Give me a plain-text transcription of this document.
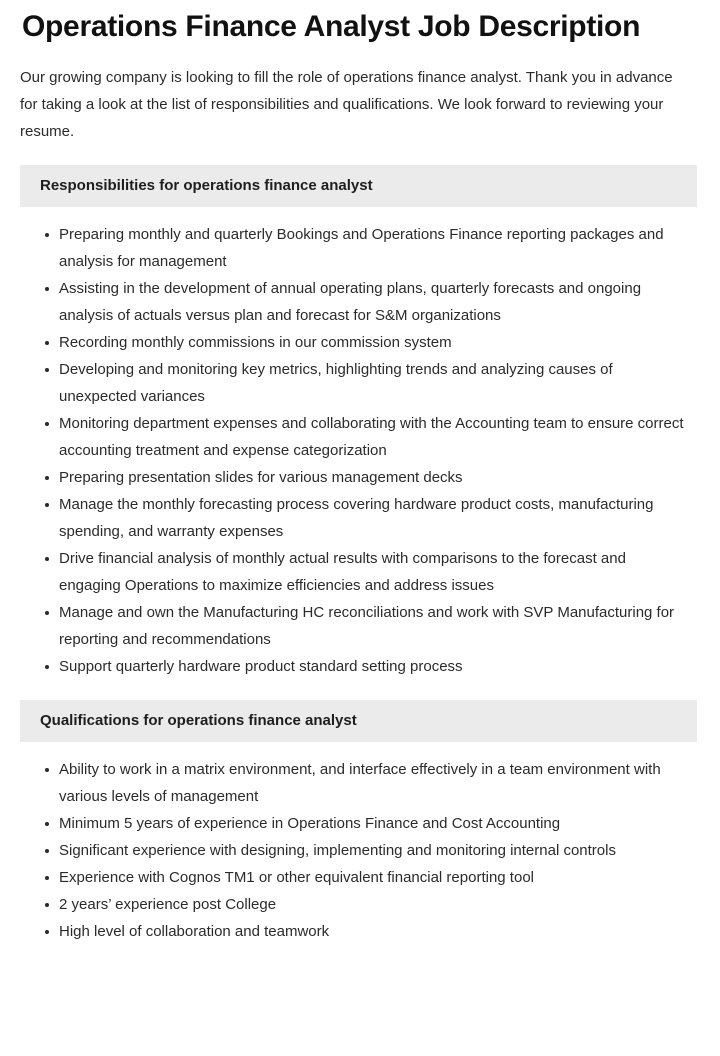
Operations Finance Analyst Job Description

Our growing company is looking to fill the role of operations finance analyst. Thank you in advance for taking a look at the list of responsibilities and qualifications. We look forward to reviewing your resume.

Responsibilities for operations finance analyst
Preparing monthly and quarterly Bookings and Operations Finance reporting packages and analysis for management
Assisting in the development of annual operating plans, quarterly forecasts and ongoing analysis of actuals versus plan and forecast for S&M organizations
Recording monthly commissions in our commission system
Developing and monitoring key metrics, highlighting trends and analyzing causes of unexpected variances
Monitoring department expenses and collaborating with the Accounting team to ensure correct accounting treatment and expense categorization
Preparing presentation slides for various management decks
Manage the monthly forecasting process covering hardware product costs, manufacturing spending, and warranty expenses
Drive financial analysis of monthly actual results with comparisons to the forecast and engaging Operations to maximize efficiencies and address issues
Manage and own the Manufacturing HC reconciliations and work with SVP Manufacturing for reporting and recommendations
Support quarterly hardware product standard setting process
Qualifications for operations finance analyst
Ability to work in a matrix environment, and interface effectively in a team environment with various levels of management
Minimum 5 years of experience in Operations Finance and Cost Accounting
Significant experience with designing, implementing and monitoring internal controls
Experience with Cognos TM1 or other equivalent financial reporting tool
2 years’ experience post College
High level of collaboration and teamwork
